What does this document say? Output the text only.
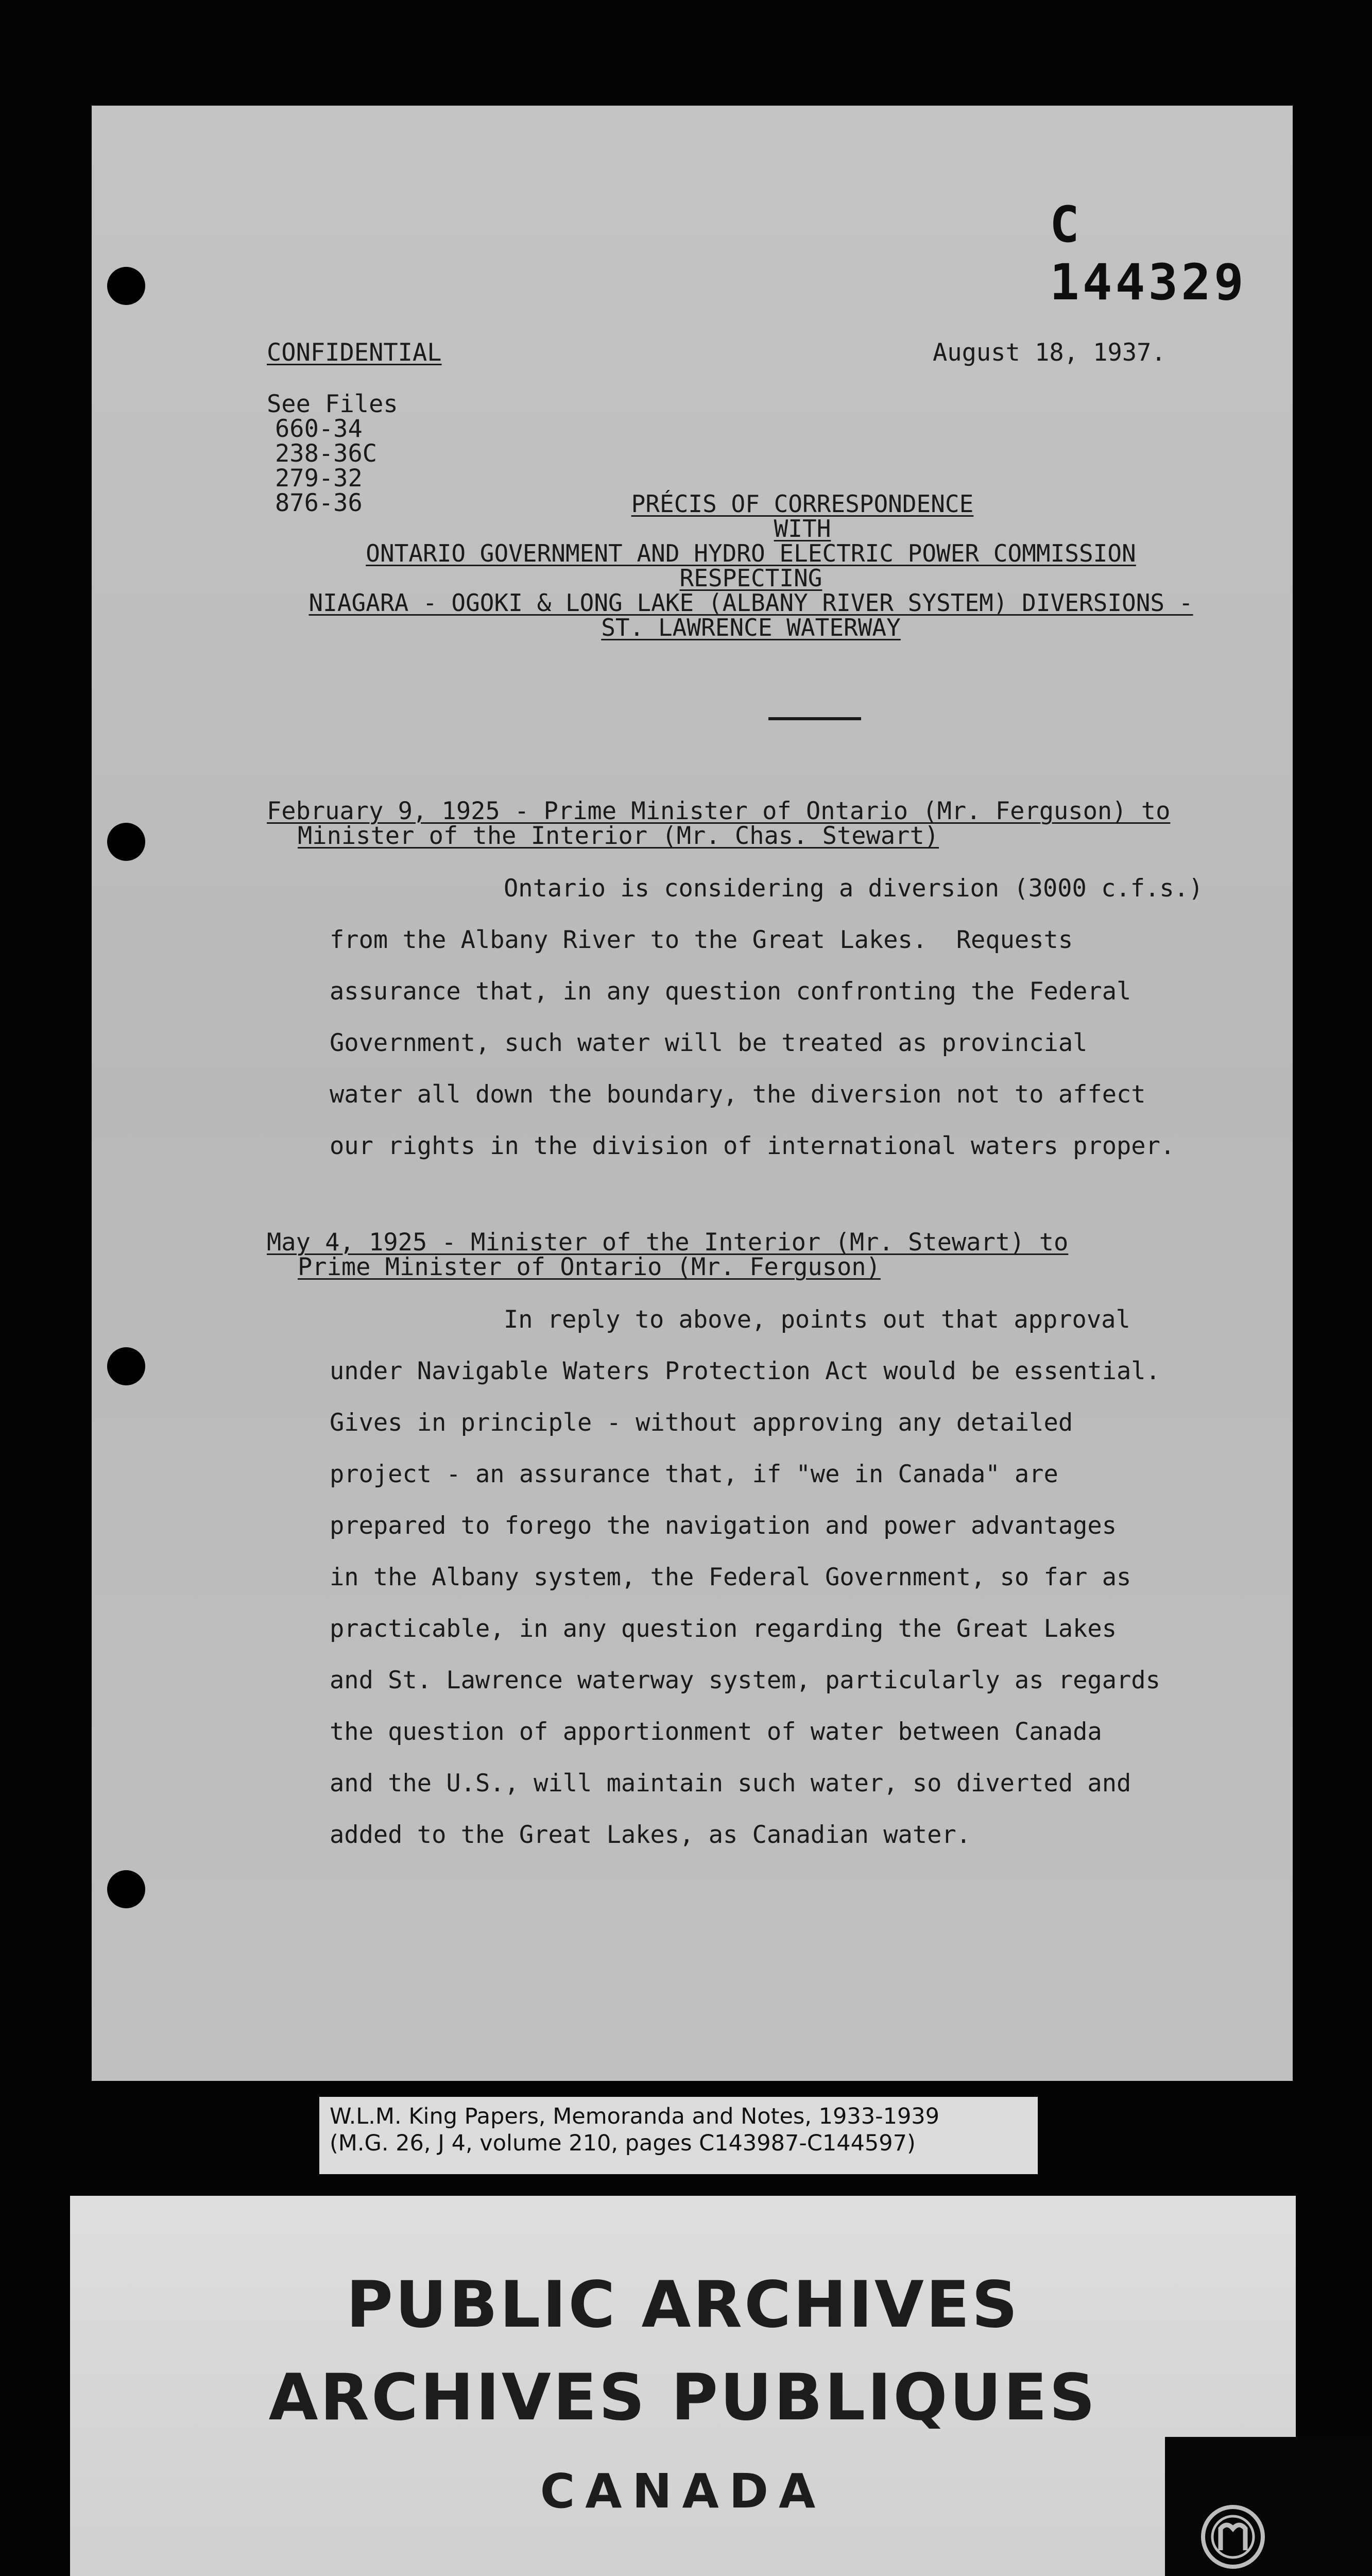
C 144329
CONFIDENTIAL	August 18, 1937.
See Files
660-34
238-36C
279-32
876-36	PRÉCIS OF CORRESPONDENCE
WITH
ONTARIO GOVERNMENT AND HYDRO ELECTRIC POWER COMMISSION
RESPECTING
NIAGARA - OGOKI & LONG LAKE (ALBANY RIVER SYSTEM) DIVERSIONS -
ST. LAWRENCE WATERWAY
February 9, 1925 - Prime Minister of Ontario (Mr. Ferguson) to
Minister of the Interior (Mr. Chas. Stewart)
Ontario is considering a diversion (3000 c.f.s.)
from the Albany River to the Great Lakes.  Requests
assurance that, in any question confronting the Federal
Government, such water will be treated as provincial
water all down the boundary, the diversion not to affect
our rights in the division of international waters proper.
May 4, 1925 - Minister of the Interior (Mr. Stewart) to
Prime Minister of Ontario (Mr. Ferguson)
In reply to above, points out that approval
under Navigable Waters Protection Act would be essential.
Gives in principle - without approving any detailed
project - an assurance that, if "we in Canada" are
prepared to forego the navigation and power advantages
in the Albany system, the Federal Government, so far as
practicable, in any question regarding the Great Lakes
and St. Lawrence waterway system, particularly as regards
the question of apportionment of water between Canada
and the U.S., will maintain such water, so diverted and
added to the Great Lakes, as Canadian water.
W.L.M. King Papers, Memoranda and Notes, 1933-1939
(M.G. 26, J 4, volume 210, pages C143987-C144597)
PUBLIC ARCHIVES
ARCHIVES PUBLIQUES
CANADA
